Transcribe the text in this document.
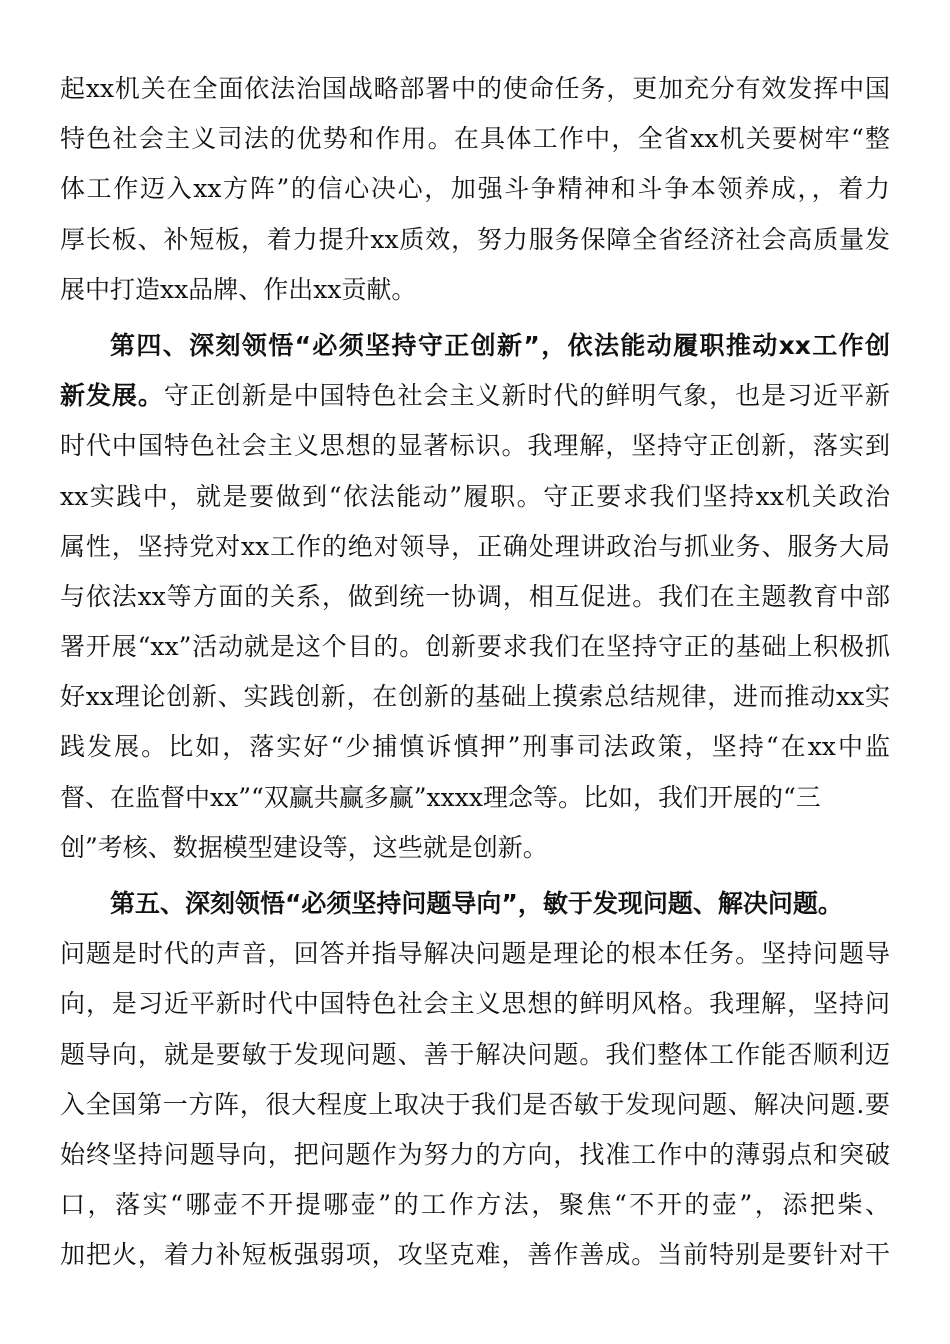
起xx机关在全面依法治国战略部署中的使命任务，更加充分有效发挥中国
特色社会主义司法的优势和作用。在具体工作中，全省xx机关要树牢“整
体工作迈入xx方阵”的信心决心，加强斗争精神和斗争本领养成，，着力
厚长板、补短板，着力提升xx质效，努力服务保障全省经济社会高质量发
展中打造xx品牌、作出xx贡献。
第四、深刻领悟“必须坚持守正创新”，依法能动履职推动xx工作创
新发展。守正创新是中国特色社会主义新时代的鲜明气象，也是习近平新
时代中国特色社会主义思想的显著标识。我理解，坚持守正创新，落实到
xx实践中，就是要做到“依法能动”履职。守正要求我们坚持xx机关政治
属性，坚持党对xx工作的绝对领导，正确处理讲政治与抓业务、服务大局
与依法xx等方面的关系，做到统一协调，相互促进。我们在主题教育中部
署开展“xx”活动就是这个目的。创新要求我们在坚持守正的基础上积极抓
好xx理论创新、实践创新，在创新的基础上摸索总结规律，进而推动xx实
践发展。比如，落实好“少捕慎诉慎押”刑事司法政策，坚持“在xx中监
督、在监督中xx”“双赢共赢多赢”xxxx理念等。比如，我们开展的“三
创”考核、数据模型建设等，这些就是创新。
第五、深刻领悟“必须坚持问题导向”，敏于发现问题、解决问题。
问题是时代的声音，回答并指导解决问题是理论的根本任务。坚持问题导
向，是习近平新时代中国特色社会主义思想的鲜明风格。我理解，坚持问
题导向，就是要敏于发现问题、善于解决问题。我们整体工作能否顺利迈
入全国第一方阵，很大程度上取决于我们是否敏于发现问题、解决问题.要
始终坚持问题导向，把问题作为努力的方向，找准工作中的薄弱点和突破
口，落实“哪壶不开提哪壶”的工作方法，聚焦“不开的壶”，添把柴、
加把火，着力补短板强弱项，攻坚克难，善作善成。当前特别是要针对干
